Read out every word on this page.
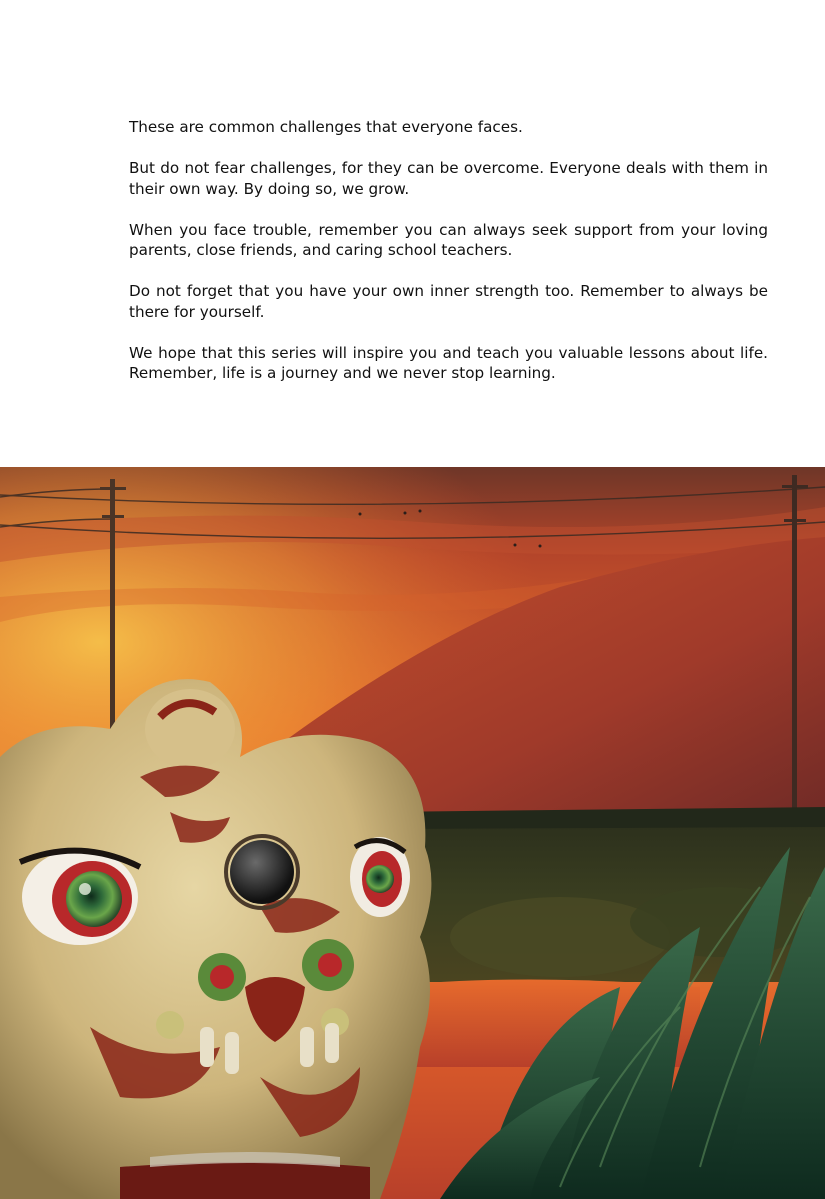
These are common challenges that everyone faces.

But do not fear challenges, for they can be overcome. Everyone deals with them in their own way. By doing so, we grow.

When you face trouble, remember you can always seek support from your loving parents, close friends, and caring school teachers.

Do not forget that you have your own inner strength too. Remember to always be there for yourself.

We hope that this series will inspire you and teach you valuable lessons about life. Remember, life is a journey and we never stop learning.
